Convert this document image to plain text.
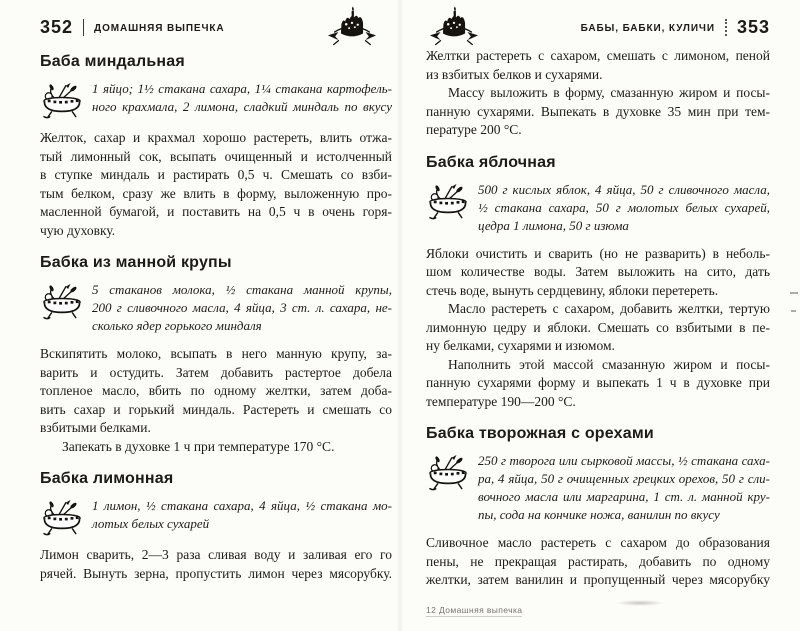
352 ДОМАШНЯЯ ВЫПЕЧКА
Баба миндальная
1 яйцо; 1½ стакана сахара, 1¼ стакана картофель-
ного крахмала, 2 лимона, сладкий миндаль по вкусу
Желток, сахар и крахмал хорошо растереть, влить отжа-
тый лимонный сок, всыпать очищенный и истолченный
в ступке миндаль и растирать 0,5 ч. Смешать со взби-
тым белком, сразу же влить в форму, выложенную про-
масленной бумагой, и поставить на 0,5 ч в очень горя-
чую духовку.
Бабка из манной крупы
5 стаканов молока, ½ стакана манной крупы,
200 г сливочного масла, 4 яйца, 3 ст. л. сахара, не-
сколько ядер горького миндаля
Вскипятить молоко, всыпать в него манную крупу, за-
варить и остудить. Затем добавить растертое добела
топленое масло, вбить по одному желтки, затем доба-
вить сахар и горький миндаль. Растереть и смешать со
взбитыми белками.
Запекать в духовке 1 ч при температуре 170 °С.
Бабка лимонная
1 лимон, ½ стакана сахара, 4 яйца, ½ стакана мо-
лотых белых сухарей
Лимон сварить, 2—3 раза сливая воду и заливая его го
рячей. Вынуть зерна, пропустить лимон через мясорубку.
БАБЫ, БАБКИ, КУЛИЧИ 353
Желтки растереть с сахаром, смешать с лимоном, пеной
из взбитых белков и сухарями.
Массу выложить в форму, смазанную жиром и посы-
панную сухарями. Выпекать в духовке 35 мин при тем-
пературе 200 °С.
Бабка яблочная
500 г кислых яблок, 4 яйца, 50 г сливочного масла,
½ стакана сахара, 50 г молотых белых сухарей,
цедра 1 лимона, 50 г изюма
Яблоки очистить и сварить (но не разварить) в неболь-
шом количестве воды. Затем выложить на сито, дать
стечь воде, вынуть сердцевину, яблоки перетереть.
Масло растереть с сахаром, добавить желтки, тертую
лимонную цедру и яблоки. Смешать со взбитыми в пе-
ну белками, сухарями и изюмом.
Наполнить этой массой смазанную жиром и посы-
панную сухарями форму и выпекать 1 ч в духовке при
температуре 190—200 °С.
Бабка творожная с орехами
250 г творога или сырковой массы, ½ стакана саха-
ра, 4 яйца, 50 г очищенных грецких орехов, 50 г сли-
вочного масла или маргарина, 1 ст. л. манной кру-
пы, сода на кончике ножа, ванилин по вкусу
Сливочное масло растереть с сахаром до образования
пены, не прекращая растирать, добавить по одному
желтки, затем ванилин и пропущенный через мясорубку
12 Домашняя выпечка
